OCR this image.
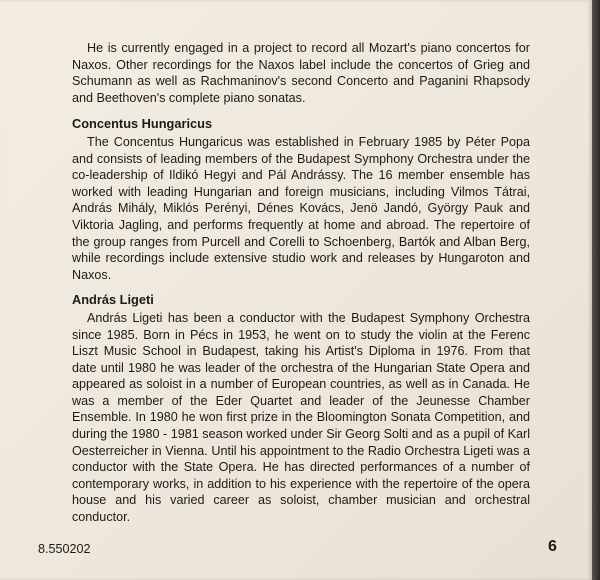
He is currently engaged in a project to record all Mozart's piano concertos for Naxos. Other recordings for the Naxos label include the concertos of Grieg and Schumann as well as Rachmaninov's second Concerto and Paganini Rhapsody and Beethoven's complete piano sonatas.

Concentus Hungaricus

The Concentus Hungaricus was established in February 1985 by Péter Popa and consists of leading members of the Budapest Symphony Orchestra under the co-leadership of Ildikó Hegyi and Pál Andrássy. The 16 member ensemble has worked with leading Hungarian and foreign musicians, including Vilmos Tátrai, András Mihály, Miklós Perényi, Dénes Kovács, Jenö Jandó, György Pauk and Viktoria Jagling, and performs frequently at home and abroad. The repertoire of the group ranges from Purcell and Corelli to Schoenberg, Bartók and Alban Berg, while recordings include extensive studio work and releases by Hungaroton and Naxos.

András Ligeti

András Ligeti has been a conductor with the Budapest Symphony Orchestra since 1985. Born in Pécs in 1953, he went on to study the violin at the Ferenc Liszt Music School in Budapest, taking his Artist's Diploma in 1976. From that date until 1980 he was leader of the orchestra of the Hungarian State Opera and appeared as soloist in a number of European countries, as well as in Canada. He was a member of the Eder Quartet and leader of the Jeunesse Chamber Ensemble. In 1980 he won first prize in the Bloomington Sonata Competition, and during the 1980 - 1981 season worked under Sir Georg Solti and as a pupil of Karl Oesterreicher in Vienna. Until his appointment to the Radio Orchestra Ligeti was a conductor with the State Opera. He has directed performances of a number of contemporary works, in addition to his experience with the repertoire of the opera house and his varied career as soloist, chamber musician and orchestral conductor.

8.550202	6
